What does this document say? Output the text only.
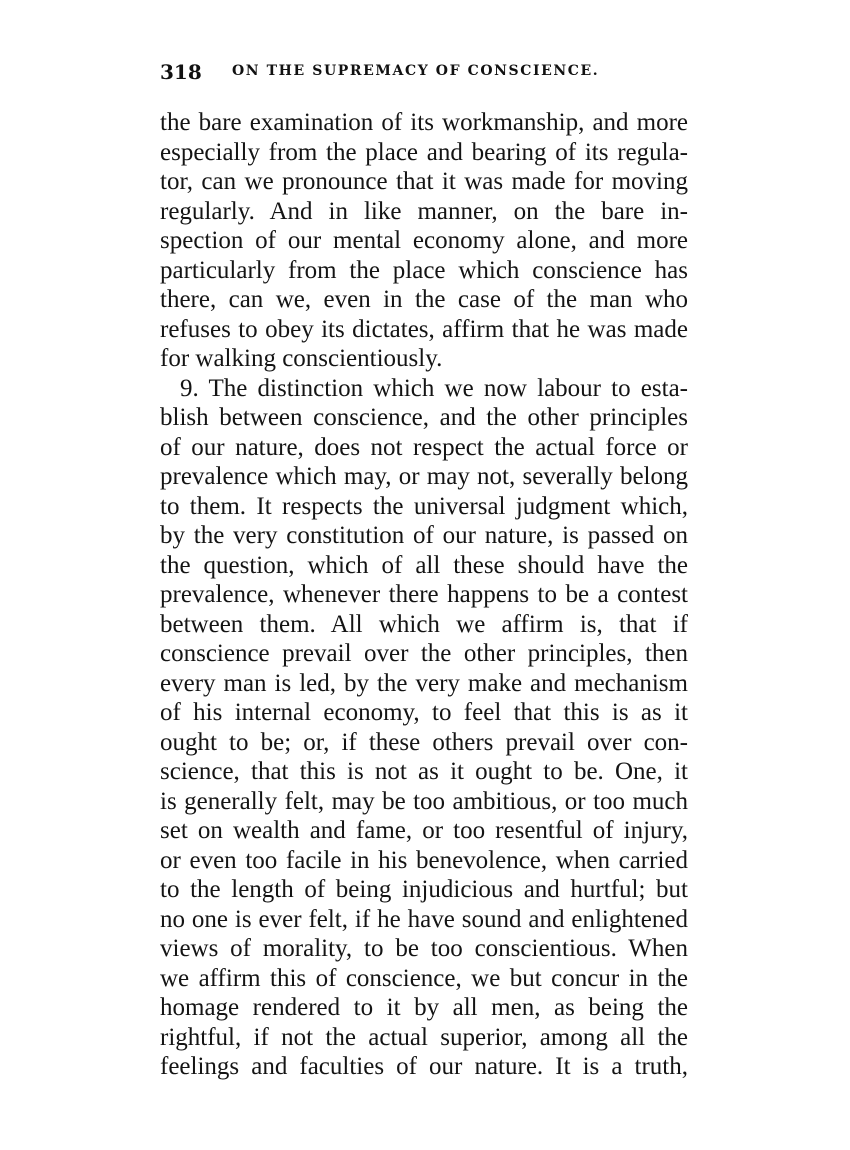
318 ON THE SUPREMACY OF CONSCIENCE.
the bare examination of its workmanship, and more
especially from the place and bearing of its regula-
tor, can we pronounce that it was made for moving
regularly. And in like manner, on the bare in-
spection of our mental economy alone, and more
particularly from the place which conscience has
there, can we, even in the case of the man who
refuses to obey its dictates, affirm that he was made
for walking conscientiously.
9. The distinction which we now labour to esta-
blish between conscience, and the other principles
of our nature, does not respect the actual force or
prevalence which may, or may not, severally belong
to them. It respects the universal judgment which,
by the very constitution of our nature, is passed on
the question, which of all these should have the
prevalence, whenever there happens to be a contest
between them. All which we affirm is, that if
conscience prevail over the other principles, then
every man is led, by the very make and mechanism
of his internal economy, to feel that this is as it
ought to be; or, if these others prevail over con-
science, that this is not as it ought to be. One, it
is generally felt, may be too ambitious, or too much
set on wealth and fame, or too resentful of injury,
or even too facile in his benevolence, when carried
to the length of being injudicious and hurtful; but
no one is ever felt, if he have sound and enlightened
views of morality, to be too conscientious. When
we affirm this of conscience, we but concur in the
homage rendered to it by all men, as being the
rightful, if not the actual superior, among all the
feelings and faculties of our nature. It is a truth,
